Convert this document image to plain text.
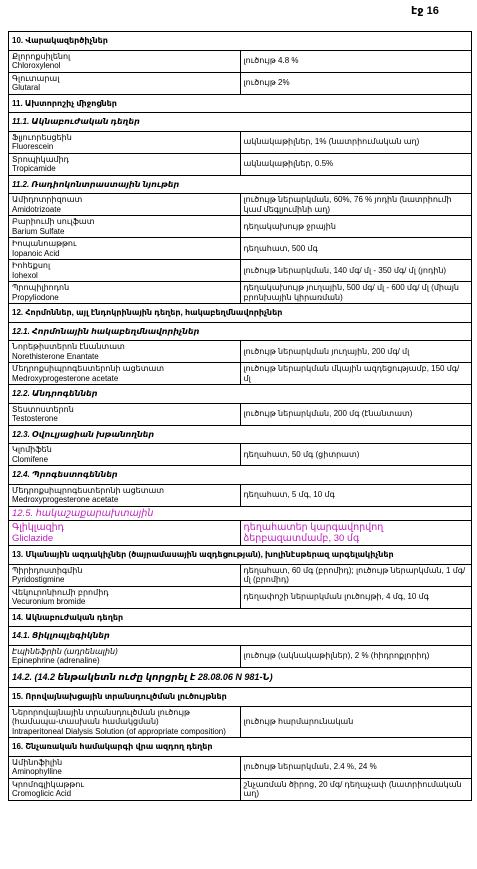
էջ 16
10. Վարակազերծիչներ	

Քլորոքսիլենոլ
Chloroxylenol	լուծույթ 4.8 %

Գլուտարալ
Glutaral	լուծույթ 2%
11. Ախտորոշիչ միջոցներ	
11.1. Ակնաբուժական դեղեր	

Ֆլյուորեսցեին
Fluorescein	ակնակաթիլներ, 1% (նատրիումական աղ)

Տրոպիկամիդ
Tropicamide	ակնակաթիլներ, 0.5%
11.2. Ռադիոկոնտրաստային նյութեր	

Ամիդոտրիզոատ
Amidotrizoate	լուծույթ ներարկման, 60%, 76 % յոդին (նատրիումի կամ մեգլյումինի աղ)

Բարիումի սուլֆատ
Barium Sulfate	դեղակախույթ ջրային

Իոպանոաթթու
Iopanoic Acid	դեղահատ, 500 մգ

Իոհեքսոլ
Iohexol	լուծույթ ներարկման, 140 մգ/ մլ - 350 մգ/ մլ (յոդին)

Պրոպիլիոդոն
Propyliodone	դեղակախույթ յուղային, 500 մգ/ մլ - 600 մգ/ մլ (միայն բրոնխային կիրառման)
12. Հորմոններ, այլ էնդոկրինային դեղեր, հակաբեղմնավորիչներ	
12.1. Հորմոնային հակաբեղմնավորիչներ	

Նորեթիստերոն էնանտատ
Norethisterone Enantate	լուծույթ ներարկման յուղային, 200 մգ/ մլ

Մեդրոքսիպրոգեստերոնի ացետատ
Medroxyprogesterone acetate	լուծույթ ներարկման մկային ազդեցությամբ, 150 մգ/ մլ
12.2. Անդրոգեններ	

Տեստոստերոն
Testosterone	լուծույթ ներարկման, 200 մգ (էնանտատ)
12.3. Օվուլյացիան խթանողներ	

Կլոմիֆեն
Clomifene	դեղահատ, 50 մգ (ցիտրատ)
12.4. Պրոգեստոգեններ	

Մեդրոքսիպրոգեստերոնի ացետատ
Medroxyprogesterone acetate	դեղահատ, 5 մգ, 10 մգ
12.5. հակաշաքարախտային	

Գլիկլազիդ
Gliclazide	դեղահատեր կարգավորվող ձերբազատմամբ, 30 մգ
13. Մկանային ազդակիչներ (ծայրամասային ազդեցության), խոլինէսթերազ արգելակիչներ	

Պիրիդոստիգմին
Pyridostigmine	դեղահատ, 60 մգ (բրոմիդ); լուծույթ ներարկման, 1 մգ/ մլ (բրոմիդ)

Վեկուրոնիումի բրոմիդ
Vecuronium bromide	դեղափոշի ներարկման լուծույթի, 4 մգ, 10 մգ
14. Ակնաբուժական դեղեր	
14.1. Ցիկլոպլեգիկներ	

Էպինեֆրին (ադրենալին)
Epinephrine (adrenaline)	լուծույթ (ակնակաթիլներ), 2 % (հիդրոքլորիդ)
14.2. (14.2 ենթակետն ուժը կորցրել է 28.08.06 N 981-Ն)	
15. Որովայնախցային տրանսդուլծման լուծույթներ	

Ներորովայնային տրանսդուլծման լուծույթ (համապա-տասխան համակցման)
Intraperitoneal Dialysis Solution (of appropriate composition)	լուծույթ հարմարունական
16. Շնչառական համակարգի վրա ազդող դեղեր	

Ամինոֆիլին
Aminophylline	լուծույթ ներարկման, 2.4 %, 24 %

Կրոմոգլիկաթթու
Cromoglicic Acid	շնչառման ծիրոց, 20 մգ/ դեղաչափ (նատրիումական աղ)
